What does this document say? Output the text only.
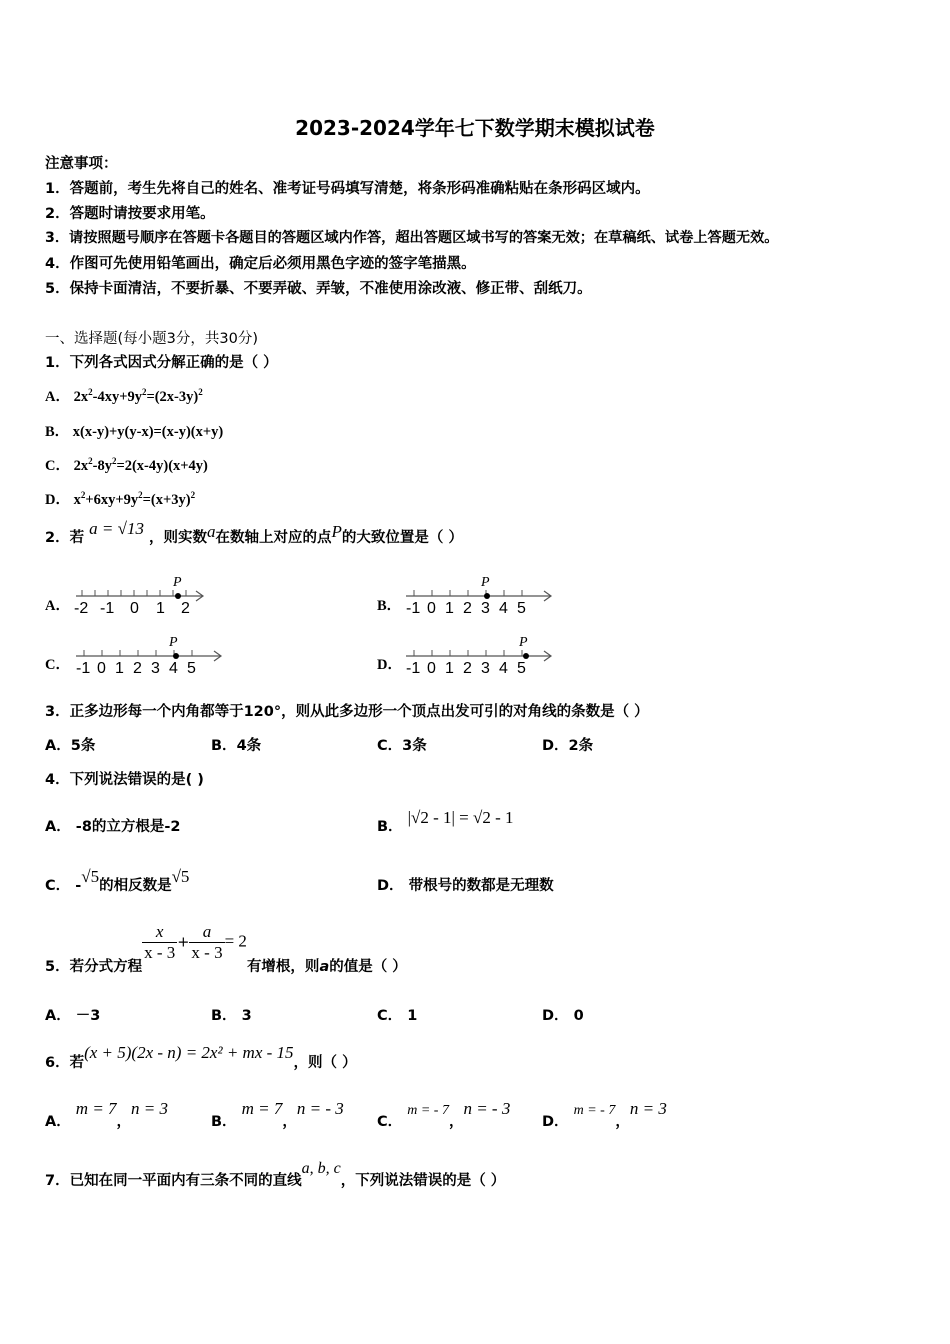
2023-2024学年七下数学期末模拟试卷
注意事项：
1．答题前，考生先将自己的姓名、准考证号码填写清楚，将条形码准确粘贴在条形码区域内。
2．答题时请按要求用笔。
3．请按照题号顺序在答题卡各题目的答题区域内作答，超出答题区域书写的答案无效；在草稿纸、试卷上答题无效。
4．作图可先使用铅笔画出，确定后必须用黑色字迹的签字笔描黑。
5．保持卡面清洁，不要折暴、不要弄破、弄皱，不准使用涂改液、修正带、刮纸刀。
一、选择题(每小题3分，共30分)
1．下列各式因式分解正确的是（ ）
A． $2x^2-4xy+9y^2=(2x-3y)^2$
B． x(x-y)+y(y-x)=(x-y)(x+y)
C． $2x^2-8y^2=2(x-4y)(x+4y)$
D． $x^2+6xy+9y^2=(x+3y)^2$
2．若 a = √13 ，则实数a在数轴上对应的点P的大致位置是（ ）
A． -2 -1 0 1 2
P
B． -1 0 1 2 3 4 5
P
C． -1 0 1 2 3 4 5
P
D． -1 0 1 2 3 4 5
P
3．正多边形每一个内角都等于120°，则从此多边形一个顶点出发可引的对角线的条数是（ ）
A．5条	B．4条	C．3条	D．2条
4．下列说法错误的是( )
A． -8的立方根是-2	B． |√2 - 1| = √2 - 1
C． -√5的相反数是√5	D． 带根号的数都是无理数
5．若分式方程
$\frac{x}{x - 3} + \frac{a}{x - 3} = 2$有增根，则a的值是（ ）
A． －3	B． 3	C． 1	D． 0
6．若(x + 5)(2x - n) = 2x² + mx - 15，则（ ）
A． m = 7，n = 3
B． m = 7，n = - 3
C． m = - 7，n = - 3
D． m = - 7，n = 3
7．已知在同一平面内有三条不同的直线a, b, c，下列说法错误的是（ ）
